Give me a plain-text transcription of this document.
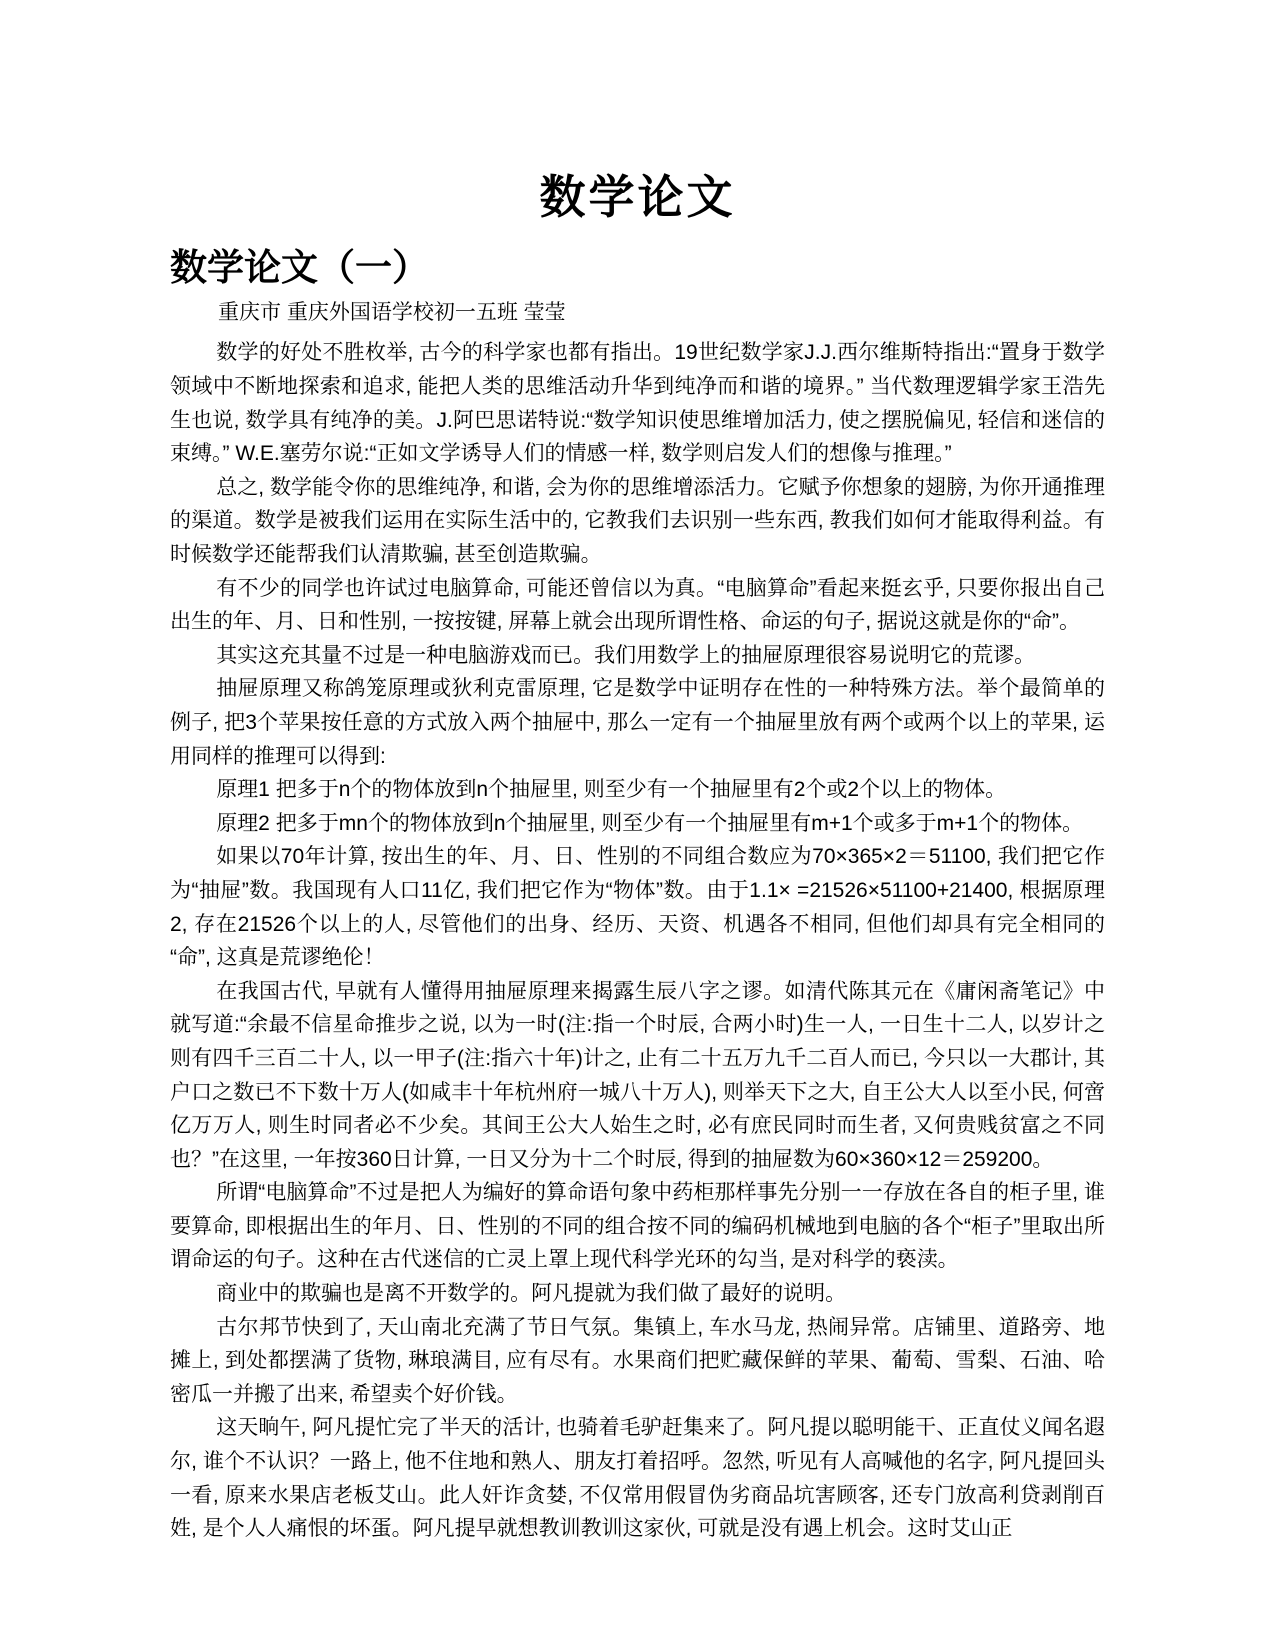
数学论文
数学论文（一）

重庆市 重庆外国语学校初一五班 莹莹

数学的好处不胜枚举, 古今的科学家也都有指出。19世纪数学家J.J.西尔维斯特指出:“置身于数学领域中不断地探索和追求, 能把人类的思维活动升华到纯净而和谐的境界。” 当代数理逻辑学家王浩先生也说, 数学具有纯净的美。J.阿巴思诺特说:“数学知识使思维增加活力, 使之摆脱偏见, 轻信和迷信的束缚。” W.E.塞劳尔说:“正如文学诱导人们的情感一样, 数学则启发人们的想像与推理。”

总之, 数学能令你的思维纯净, 和谐, 会为你的思维增添活力。它赋予你想象的翅膀, 为你开通推理的渠道。数学是被我们运用在实际生活中的, 它教我们去识别一些东西, 教我们如何才能取得利益。有时候数学还能帮我们认清欺骗, 甚至创造欺骗。

有不少的同学也许试过电脑算命, 可能还曾信以为真。“电脑算命”看起来挺玄乎, 只要你报出自己出生的年、月、日和性别, 一按按键, 屏幕上就会出现所谓性格、命运的句子, 据说这就是你的“命”。

其实这充其量不过是一种电脑游戏而已。我们用数学上的抽屉原理很容易说明它的荒谬。

抽屉原理又称鸽笼原理或狄利克雷原理, 它是数学中证明存在性的一种特殊方法。举个最简单的例子, 把3个苹果按任意的方式放入两个抽屉中, 那么一定有一个抽屉里放有两个或两个以上的苹果, 运用同样的推理可以得到:

原理1 把多于n个的物体放到n个抽屉里, 则至少有一个抽屉里有2个或2个以上的物体。

原理2 把多于mn个的物体放到n个抽屉里, 则至少有一个抽屉里有m+1个或多于m+1个的物体。

如果以70年计算, 按出生的年、月、日、性别的不同组合数应为70×365×2＝51100, 我们把它作为“抽屉”数。我国现有人口11亿, 我们把它作为“物体”数。由于1.1× =21526×51100+21400, 根据原理2, 存在21526个以上的人, 尽管他们的出身、经历、天资、机遇各不相同, 但他们却具有完全相同的“命”, 这真是荒谬绝伦！

在我国古代, 早就有人懂得用抽屉原理来揭露生辰八字之谬。如清代陈其元在《庸闲斋笔记》中就写道:“余最不信星命推步之说, 以为一时(注:指一个时辰, 合两小时)生一人, 一日生十二人, 以岁计之则有四千三百二十人, 以一甲子(注:指六十年)计之, 止有二十五万九千二百人而已, 今只以一大郡计, 其户口之数已不下数十万人(如咸丰十年杭州府一城八十万人), 则举天下之大, 自王公大人以至小民, 何啻亿万万人, 则生时同者必不少矣。其间王公大人始生之时, 必有庶民同时而生者, 又何贵贱贫富之不同也？”在这里, 一年按360日计算, 一日又分为十二个时辰, 得到的抽屉数为60×360×12＝259200。

所谓“电脑算命”不过是把人为编好的算命语句象中药柜那样事先分别一一存放在各自的柜子里, 谁要算命, 即根据出生的年月、日、性别的不同的组合按不同的编码机械地到电脑的各个“柜子”里取出所谓命运的句子。这种在古代迷信的亡灵上罩上现代科学光环的勾当, 是对科学的亵渎。

商业中的欺骗也是离不开数学的。阿凡提就为我们做了最好的说明。

古尔邦节快到了, 天山南北充满了节日气氛。集镇上, 车水马龙, 热闹异常。店铺里、道路旁、地摊上, 到处都摆满了货物, 琳琅满目, 应有尽有。水果商们把贮藏保鲜的苹果、葡萄、雪梨、石油、哈密瓜一并搬了出来, 希望卖个好价钱。

这天晌午, 阿凡提忙完了半天的活计, 也骑着毛驴赶集来了。阿凡提以聪明能干、正直仗义闻名遐尔, 谁个不认识？一路上, 他不住地和熟人、朋友打着招呼。忽然, 听见有人高喊他的名字, 阿凡提回头一看, 原来水果店老板艾山。此人奸诈贪婪, 不仅常用假冒伪劣商品坑害顾客, 还专门放高利贷剥削百姓, 是个人人痛恨的坏蛋。阿凡提早就想教训教训这家伙, 可就是没有遇上机会。这时艾山正
